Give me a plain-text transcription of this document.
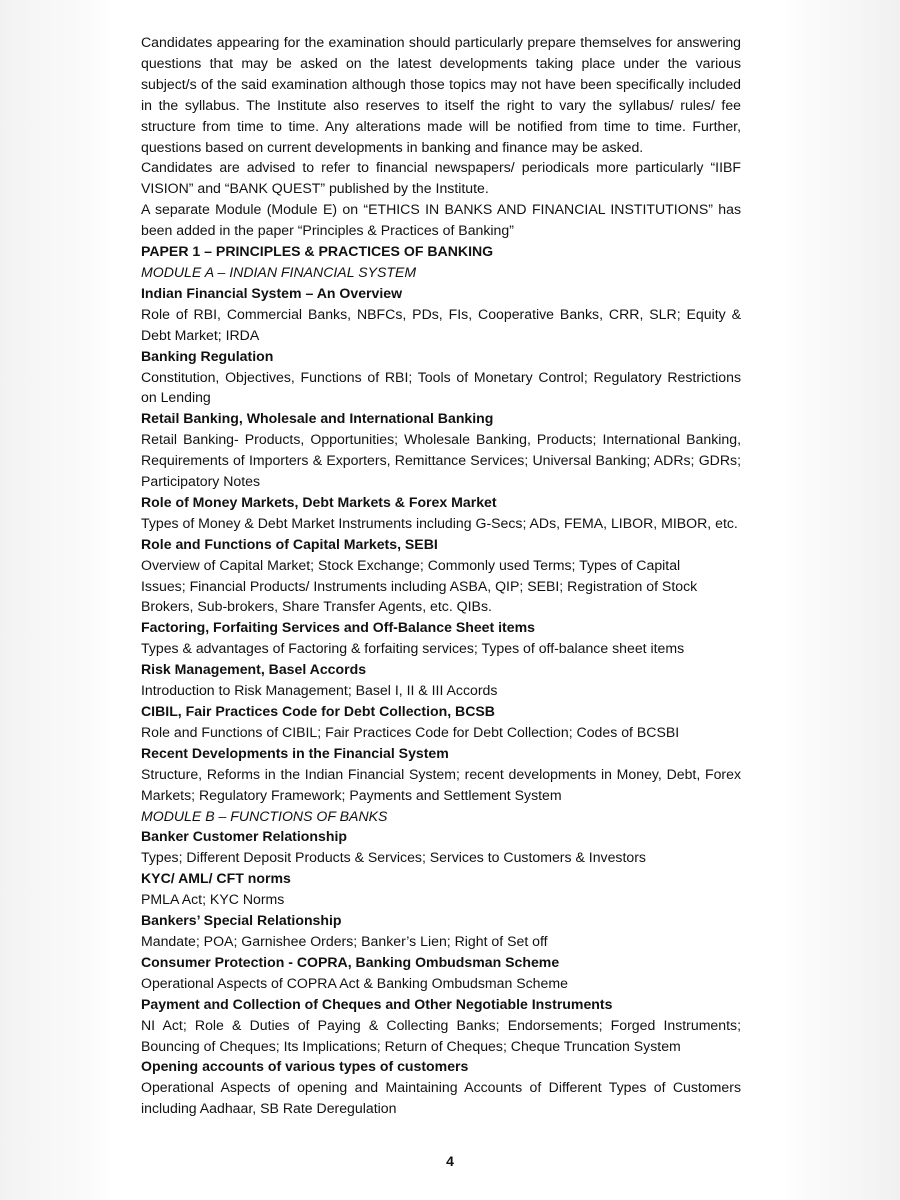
Candidates appearing for the examination should particularly prepare themselves for answering questions that may be asked on the latest developments taking place under the various subject/s of the said examination although those topics may not have been specifically included in the syllabus. The Institute also reserves to itself the right to vary the syllabus/ rules/ fee structure from time to time. Any alterations made will be notified from time to time. Further, questions based on current developments in banking and finance may be asked.

Candidates are advised to refer to financial newspapers/ periodicals more particularly “IIBF VISION” and “BANK QUEST” published by the Institute.

A separate Module (Module E) on “ETHICS IN BANKS AND FINANCIAL INSTITUTIONS” has been added in the paper “Principles & Practices of Banking”

PAPER 1 – PRINCIPLES & PRACTICES OF BANKING

MODULE A – INDIAN FINANCIAL SYSTEM

Indian Financial System – An Overview

Role of RBI, Commercial Banks, NBFCs, PDs, FIs, Cooperative Banks, CRR, SLR; Equity & Debt Market; IRDA

Banking Regulation

Constitution, Objectives, Functions of RBI; Tools of Monetary Control; Regulatory Restrictions on Lending

Retail Banking, Wholesale and International Banking

Retail Banking- Products, Opportunities; Wholesale Banking, Products; International Banking, Requirements of Importers & Exporters, Remittance Services; Universal Banking; ADRs; GDRs; Participatory Notes

Role of Money Markets, Debt Markets & Forex Market

Types of Money & Debt Market Instruments including G-Secs; ADs, FEMA, LIBOR, MIBOR, etc.

Role and Functions of Capital Markets, SEBI

Overview of Capital Market; Stock Exchange; Commonly used Terms; Types of Capital

Issues; Financial Products/ Instruments including ASBA, QIP; SEBI; Registration of Stock

Brokers, Sub-brokers, Share Transfer Agents, etc. QIBs.

Factoring, Forfaiting Services and Off-Balance Sheet items

Types & advantages of Factoring & forfaiting services; Types of off-balance sheet items

Risk Management, Basel Accords

Introduction to Risk Management; Basel I, II & III Accords

CIBIL, Fair Practices Code for Debt Collection, BCSB

Role and Functions of CIBIL; Fair Practices Code for Debt Collection; Codes of BCSBI

Recent Developments in the Financial System

Structure, Reforms in the Indian Financial System; recent developments in Money, Debt, Forex Markets; Regulatory Framework; Payments and Settlement System

MODULE B – FUNCTIONS OF BANKS

Banker Customer Relationship

Types; Different Deposit Products & Services; Services to Customers & Investors

KYC/ AML/ CFT norms

PMLA Act; KYC Norms

Bankers’ Special Relationship

Mandate; POA; Garnishee Orders; Banker’s Lien; Right of Set off

Consumer Protection - COPRA, Banking Ombudsman Scheme

Operational Aspects of COPRA Act & Banking Ombudsman Scheme

Payment and Collection of Cheques and Other Negotiable Instruments

NI Act; Role & Duties of Paying & Collecting Banks; Endorsements; Forged Instruments; Bouncing of Cheques; Its Implications; Return of Cheques; Cheque Truncation System

Opening accounts of various types of customers

Operational Aspects of opening and Maintaining Accounts of Different Types of Customers including Aadhaar, SB Rate Deregulation

4
